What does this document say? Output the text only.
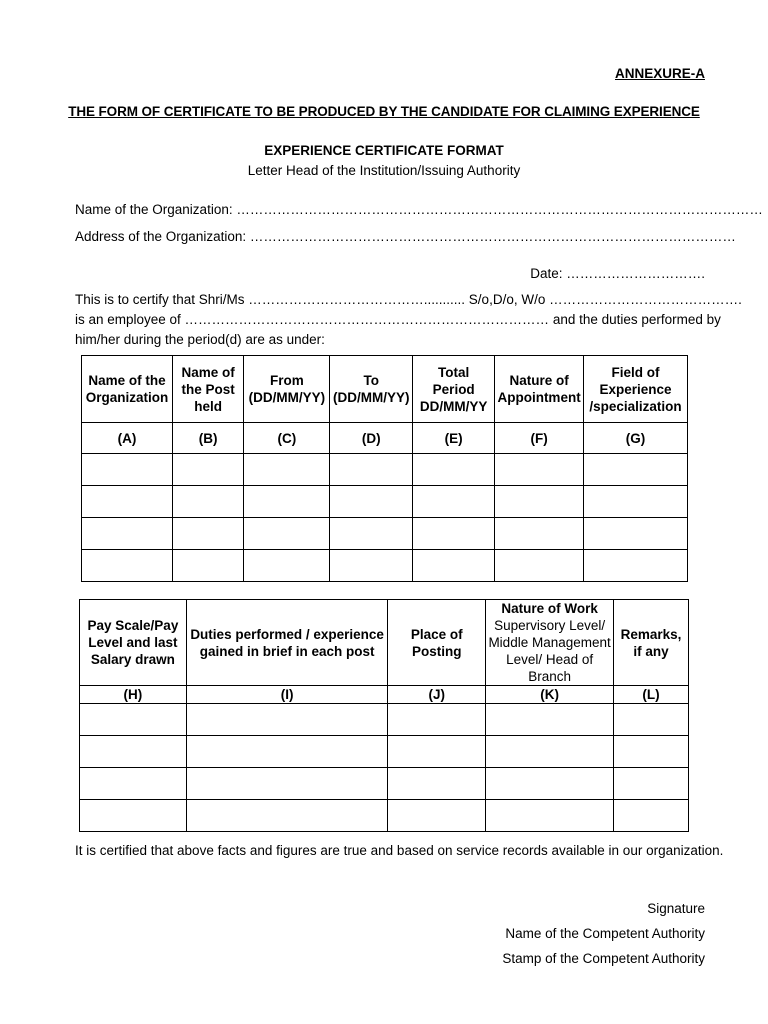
ANNEXURE-A
THE FORM OF CERTIFICATE TO BE PRODUCED BY THE CANDIDATE FOR CLAIMING EXPERIENCE
EXPERIENCE CERTIFICATE FORMAT
Letter Head of the Institution/Issuing Authority
Name of the Organization: ………………………………………………………………………………………………………
Address of the Organization: ………………………………………………………………………………………………
Date: ………………………….
This is to certify that Shri/Ms …………………………………........... S/o,D/o, W/o …………………………………….
is an employee of ……………………………………………………………………… and the duties performed by
him/her during the period(d) are as under:
Name of the
Organization	Name of
the Post
held	From
(DD/MM/YY)	To
(DD/MM/YY)	Total
Period
DD/MM/YY	Nature of
Appointment	Field of
Experience
/specialization
(A)	(B)	(C)	(D)	(E)	(F)	(G)

Pay Scale/Pay
Level and last
Salary drawn	Duties performed / experience
gained in brief in each post	Place of
Posting	Nature of Work
Supervisory Level/
Middle Management
Level/ Head of
Branch	Remarks,
if any
(H)	(I)	(J)	(K)	(L)

It is certified that above facts and figures are true and based on service records available in our organization.
Signature
Name of the Competent Authority
Stamp of the Competent Authority
